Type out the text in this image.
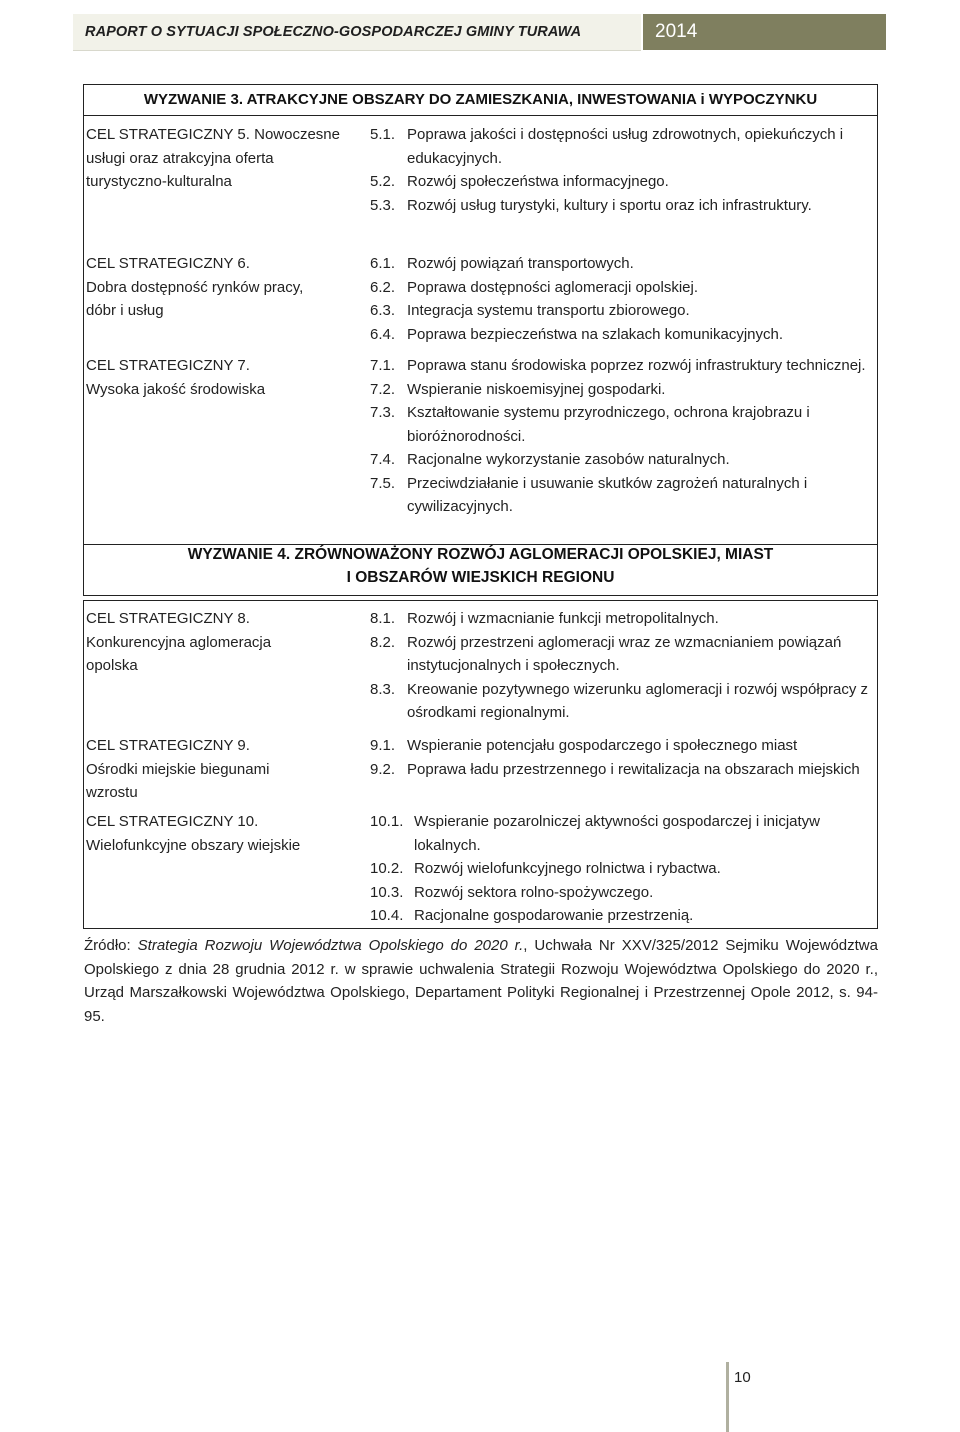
RAPORT O SYTUACJI SPOŁECZNO-GOSPODARCZEJ GMINY TURAWA	2014
WYZWANIE 3. ATRAKCYJNE OBSZARY DO ZAMIESZKANIA, INWESTOWANIA i WYPOCZYNKU
CEL STRATEGICZNY 5. Nowoczesne usługi oraz atrakcyjna oferta turystyczno-kulturalna
5.1. Poprawa jakości i dostępności usług zdrowotnych, opiekuńczych i edukacyjnych.
5.2. Rozwój społeczeństwa informacyjnego.
5.3. Rozwój usług turystyki, kultury i sportu oraz ich infrastruktury.
CEL STRATEGICZNY 6.
Dobra dostępność rynków pracy, dóbr i usług
6.1. Rozwój powiązań transportowych.
6.2. Poprawa dostępności aglomeracji opolskiej.
6.3. Integracja systemu transportu zbiorowego.
6.4. Poprawa bezpieczeństwa na szlakach komunikacyjnych.
CEL STRATEGICZNY 7.
Wysoka jakość środowiska
7.1. Poprawa stanu środowiska poprzez rozwój infrastruktury technicznej.
7.2. Wspieranie niskoemisyjnej gospodarki.
7.3. Kształtowanie systemu przyrodniczego, ochrona krajobrazu i bioróżnorodności.
7.4. Racjonalne wykorzystanie zasobów naturalnych.
7.5. Przeciwdziałanie i usuwanie skutków zagrożeń naturalnych i cywilizacyjnych.
WYZWANIE 4. ZRÓWNOWAŻONY ROZWÓJ AGLOMERACJI OPOLSKIEJ, MIAST
I OBSZARÓW WIEJSKICH REGIONU
CEL STRATEGICZNY 8.
Konkurencyjna aglomeracja opolska
8.1. Rozwój i wzmacnianie funkcji metropolitalnych.
8.2. Rozwój przestrzeni aglomeracji wraz ze wzmacnianiem powiązań instytucjonalnych i społecznych.
8.3. Kreowanie pozytywnego wizerunku aglomeracji i rozwój współpracy z ośrodkami regionalnymi.
CEL STRATEGICZNY 9.
Ośrodki miejskie biegunami wzrostu
9.1. Wspieranie potencjału gospodarczego i społecznego miast
9.2. Poprawa ładu przestrzennego i rewitalizacja na obszarach miejskich
CEL STRATEGICZNY 10.
Wielofunkcyjne obszary wiejskie
10.1. Wspieranie pozarolniczej aktywności gospodarczej i inicjatyw lokalnych.
10.2. Rozwój wielofunkcyjnego rolnictwa i rybactwa.
10.3. Rozwój sektora rolno-spożywczego.
10.4. Racjonalne gospodarowanie przestrzenią.
Źródło: Strategia Rozwoju Województwa Opolskiego do 2020 r., Uchwała Nr XXV/325/2012 Sejmiku Województwa Opolskiego z dnia 28 grudnia 2012 r. w sprawie uchwalenia Strategii Rozwoju Województwa Opolskiego do 2020 r., Urząd Marszałkowski Województwa Opolskiego, Departament Polityki Regionalnej i Przestrzennej Opole 2012, s. 94-95.
10
